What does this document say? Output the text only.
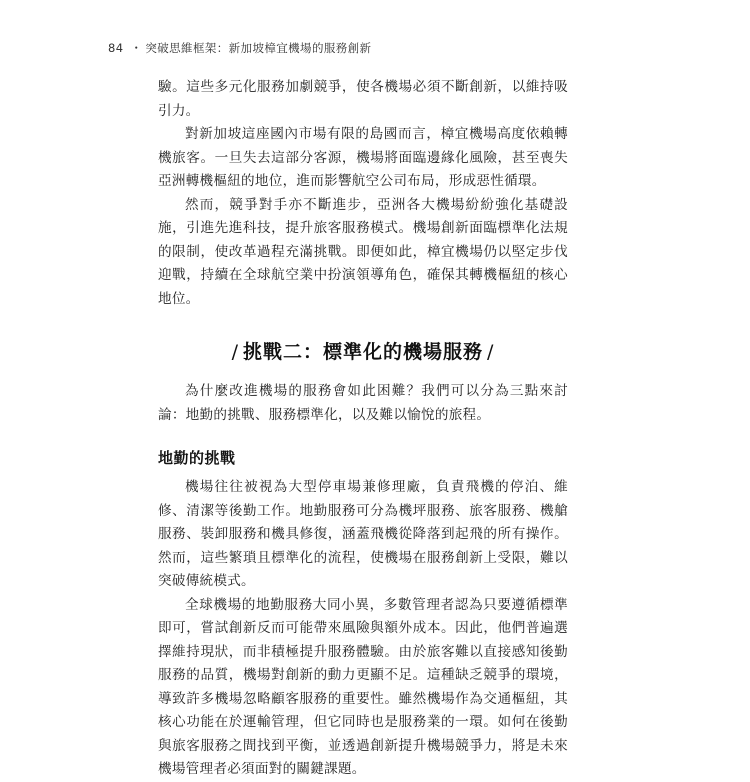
84 ・ 突破思維框架：新加坡樟宜機場的服務創新

驗。這些多元化服務加劇競爭，使各機場必須不斷創新，以維持吸引力。

對新加坡這座國內市場有限的島國而言，樟宜機場高度依賴轉機旅客。一旦失去這部分客源，機場將面臨邊緣化風險，甚至喪失亞洲轉機樞紐的地位，進而影響航空公司布局，形成惡性循環。

然而，競爭對手亦不斷進步，亞洲各大機場紛紛強化基礎設施，引進先進科技，提升旅客服務模式。機場創新面臨標準化法規的限制，使改革過程充滿挑戰。即便如此，樟宜機場仍以堅定步伐迎戰，持續在全球航空業中扮演領導角色，確保其轉機樞紐的核心地位。

/ 挑戰二：標準化的機場服務 /

為什麼改進機場的服務會如此困難？我們可以分為三點來討論：地勤的挑戰、服務標準化，以及難以愉悅的旅程。

地勤的挑戰

機場往往被視為大型停車場兼修理廠，負責飛機的停泊、維修、清潔等後勤工作。地勤服務可分為機坪服務、旅客服務、機艙服務、裝卸服務和機具修復，涵蓋飛機從降落到起飛的所有操作。然而，這些繁瑣且標準化的流程，使機場在服務創新上受限，難以突破傳統模式。

全球機場的地勤服務大同小異，多數管理者認為只要遵循標準即可，嘗試創新反而可能帶來風險與額外成本。因此，他們普遍選擇維持現狀，而非積極提升服務體驗。由於旅客難以直接感知後勤服務的品質，機場對創新的動力更顯不足。這種缺乏競爭的環境，導致許多機場忽略顧客服務的重要性。雖然機場作為交通樞紐，其核心功能在於運輸管理，但它同時也是服務業的一環。如何在後勤與旅客服務之間找到平衡，並透過創新提升機場競爭力，將是未來機場管理者必須面對的關鍵課題。
